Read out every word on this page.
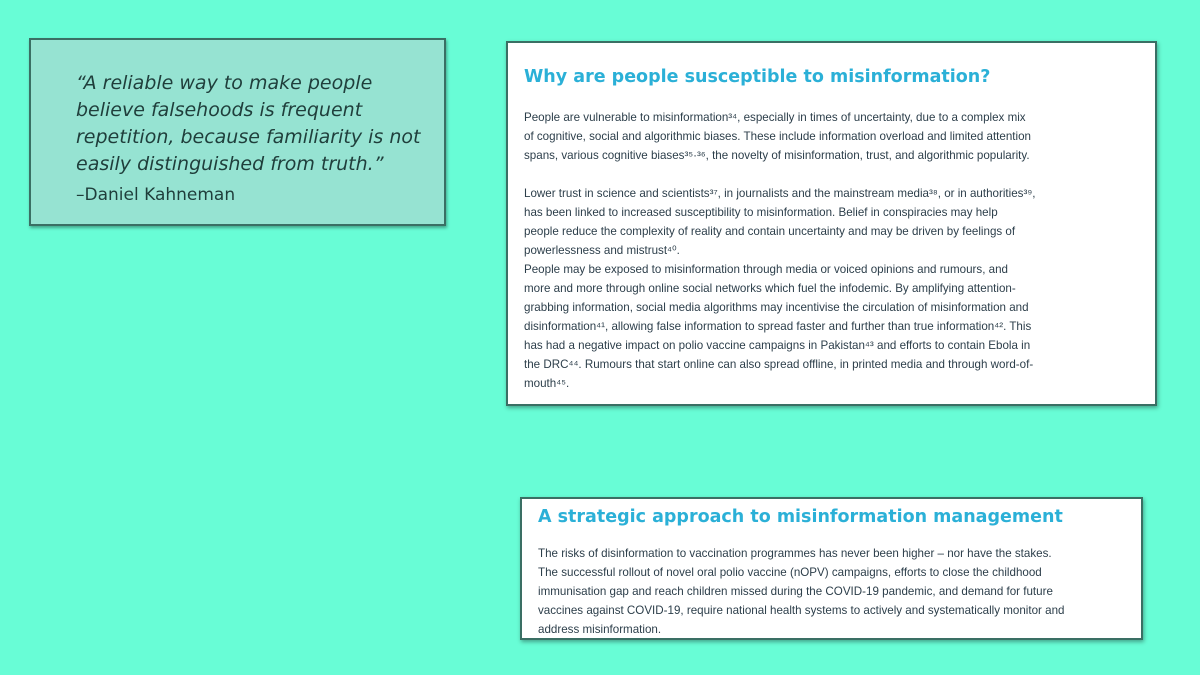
“A reliable way to make people believe falsehoods is frequent repetition, because familiarity is not easily distinguished from truth.”

–Daniel Kahneman

Why are people susceptible to misinformation?
People are vulnerable to misinformation³⁴, especially in times of uncertainty, due to a complex mix
of cognitive, social and algorithmic biases. These include information overload and limited attention
spans, various cognitive biases³⁵·³⁶, the novelty of misinformation, trust, and algorithmic popularity.
Lower trust in science and scientists³⁷, in journalists and the mainstream media³⁸, or in authorities³⁹,
has been linked to increased susceptibility to misinformation. Belief in conspiracies may help
people reduce the complexity of reality and contain uncertainty and may be driven by feelings of
powerlessness and mistrust⁴⁰.
People may be exposed to misinformation through media or voiced opinions and rumours, and
more and more through online social networks which fuel the infodemic. By amplifying attention-
grabbing information, social media algorithms may incentivise the circulation of misinformation and
disinformation⁴¹, allowing false information to spread faster and further than true information⁴². This
has had a negative impact on polio vaccine campaigns in Pakistan⁴³ and efforts to contain Ebola in
the DRC⁴⁴. Rumours that start online can also spread offline, in printed media and through word-of-
mouth⁴⁵.
A strategic approach to misinformation management
The risks of disinformation to vaccination programmes has never been higher – nor have the stakes.
The successful rollout of novel oral polio vaccine (nOPV) campaigns, efforts to close the childhood
immunisation gap and reach children missed during the COVID-19 pandemic, and demand for future
vaccines against COVID-19, require national health systems to actively and systematically monitor and
address misinformation.
